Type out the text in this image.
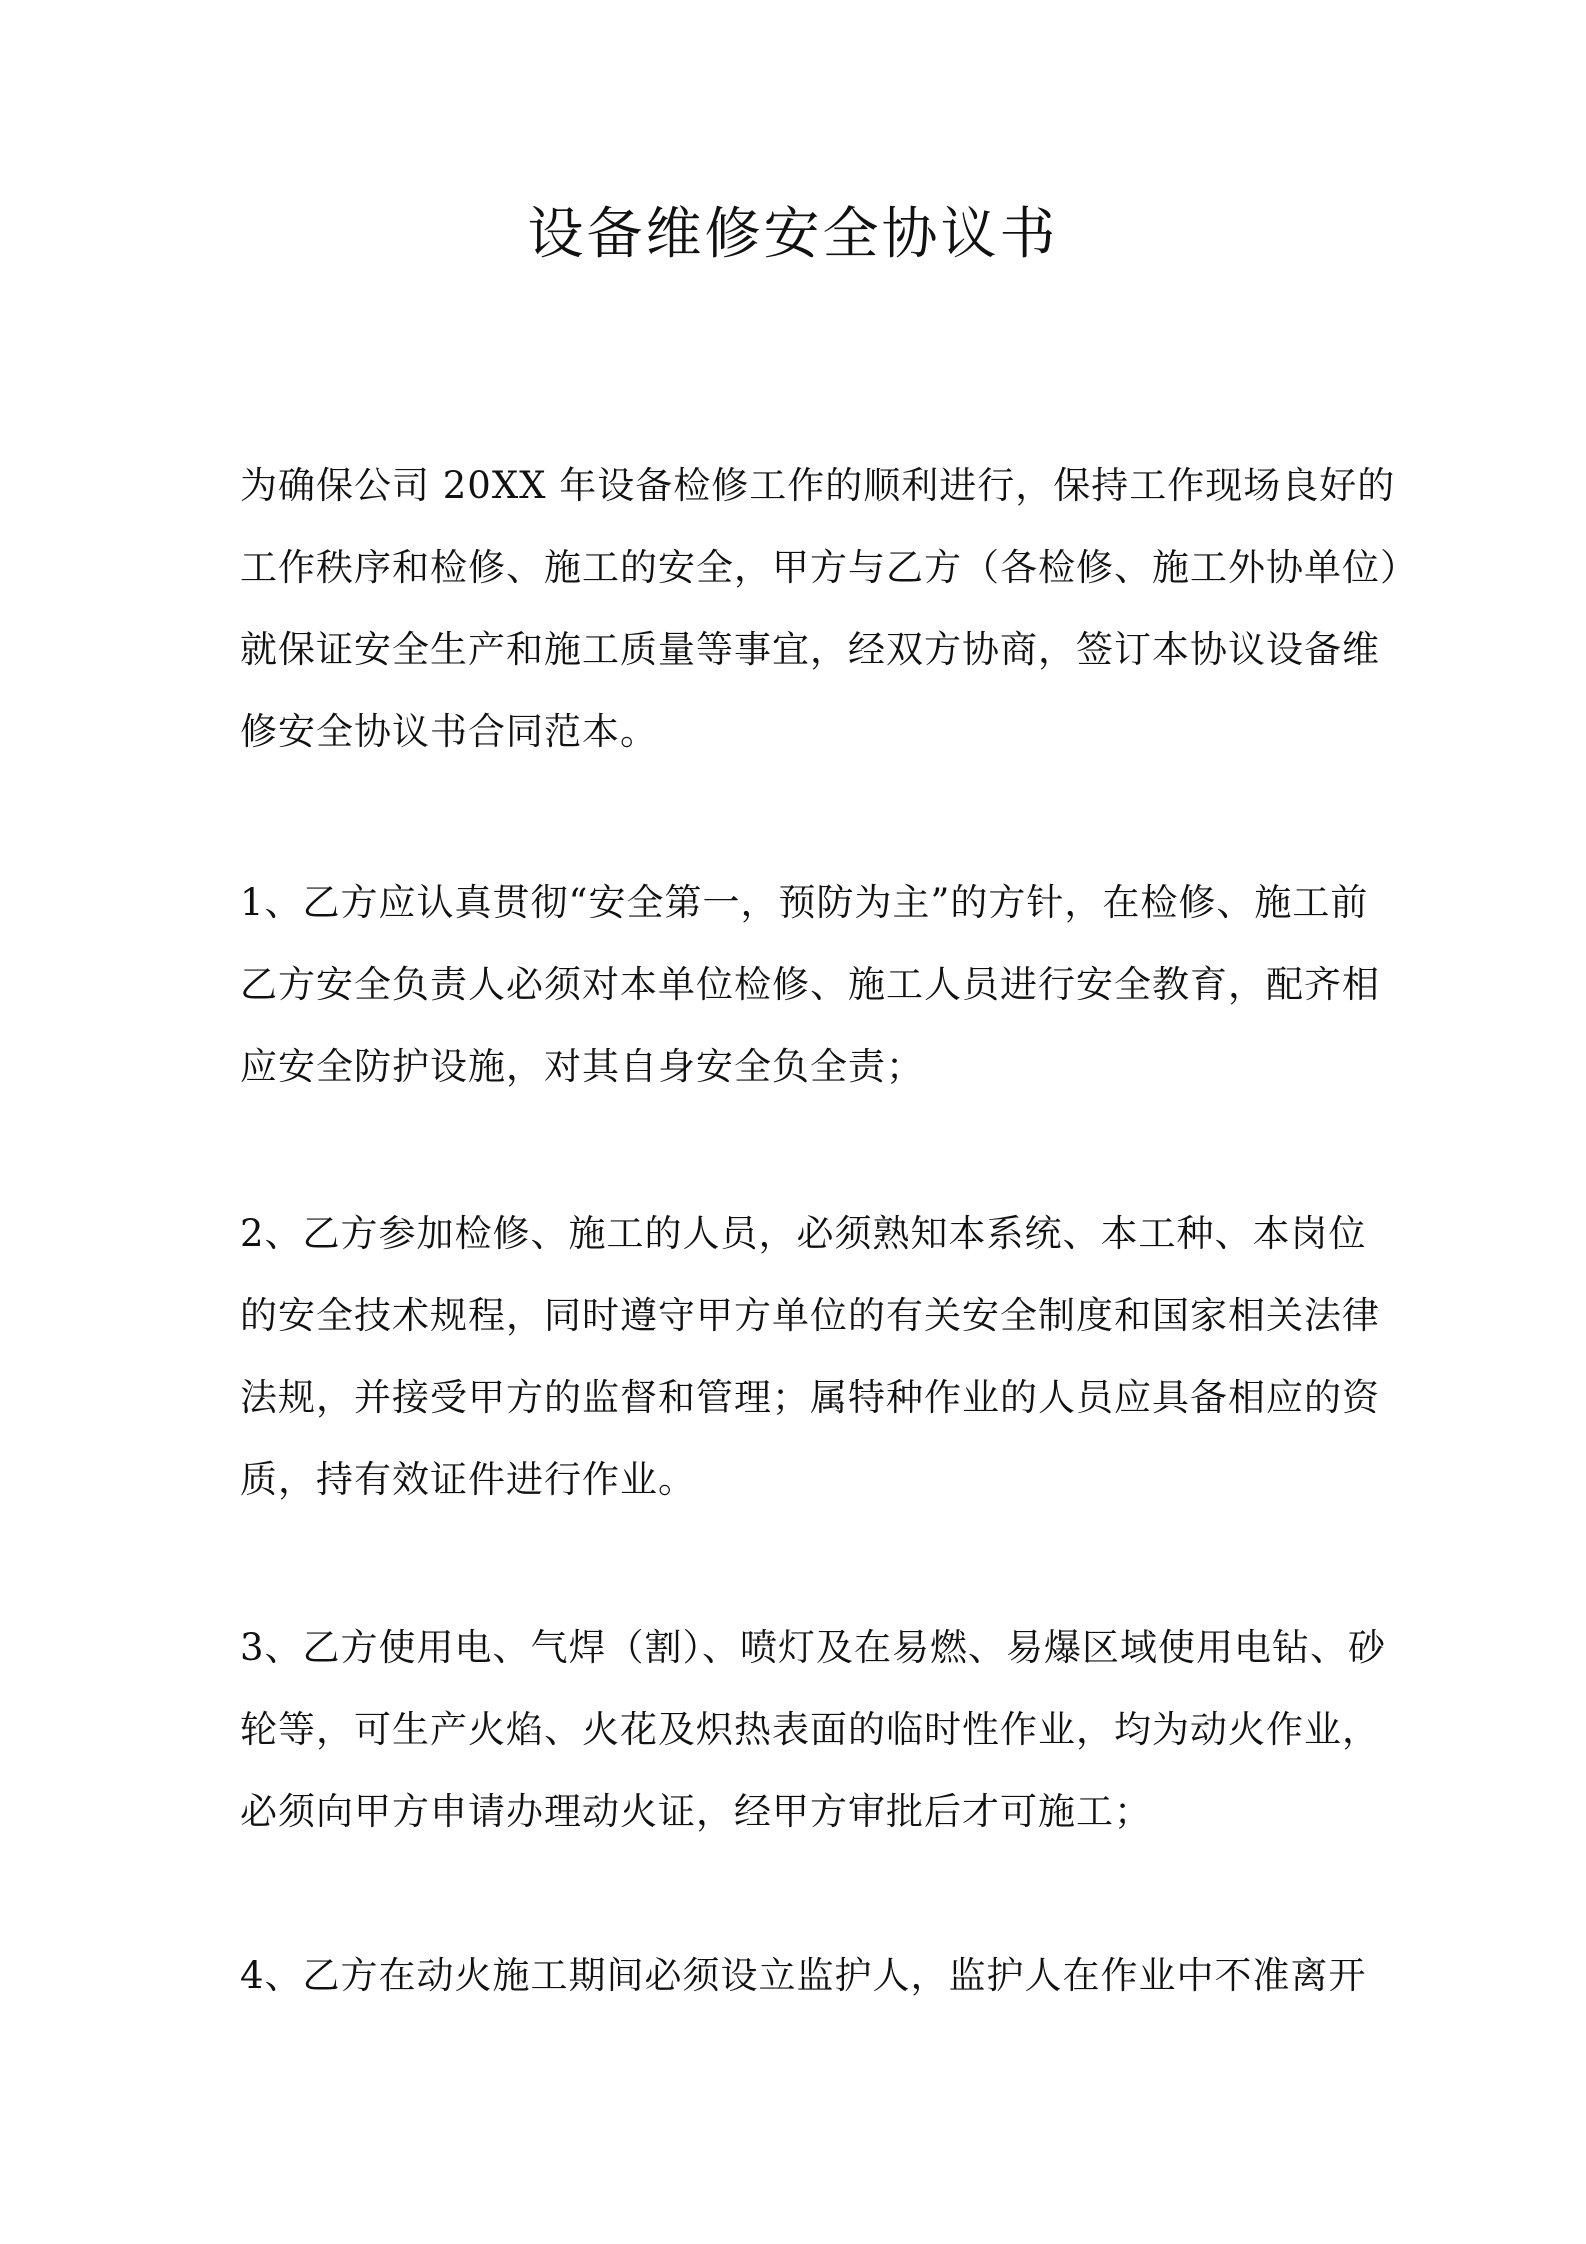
设备维修安全协议书
为确保公司 20XX 年设备检修工作的顺利进行，保持工作现场良好的
工作秩序和检修、施工的安全，甲方与乙方（各检修、施工外协单位）
就保证安全生产和施工质量等事宜，经双方协商，签订本协议设备维
修安全协议书合同范本。
1、乙方应认真贯彻“安全第一，预防为主”的方针，在检修、施工前
乙方安全负责人必须对本单位检修、施工人员进行安全教育，配齐相
应安全防护设施，对其自身安全负全责；
2、乙方参加检修、施工的人员，必须熟知本系统、本工种、本岗位
的安全技术规程，同时遵守甲方单位的有关安全制度和国家相关法律
法规，并接受甲方的监督和管理；属特种作业的人员应具备相应的资
质，持有效证件进行作业。
3、乙方使用电、气焊（割）、喷灯及在易燃、易爆区域使用电钻、砂
轮等，可生产火焰、火花及炽热表面的临时性作业，均为动火作业，
必须向甲方申请办理动火证，经甲方审批后才可施工；
4、乙方在动火施工期间必须设立监护人，监护人在作业中不准离开
